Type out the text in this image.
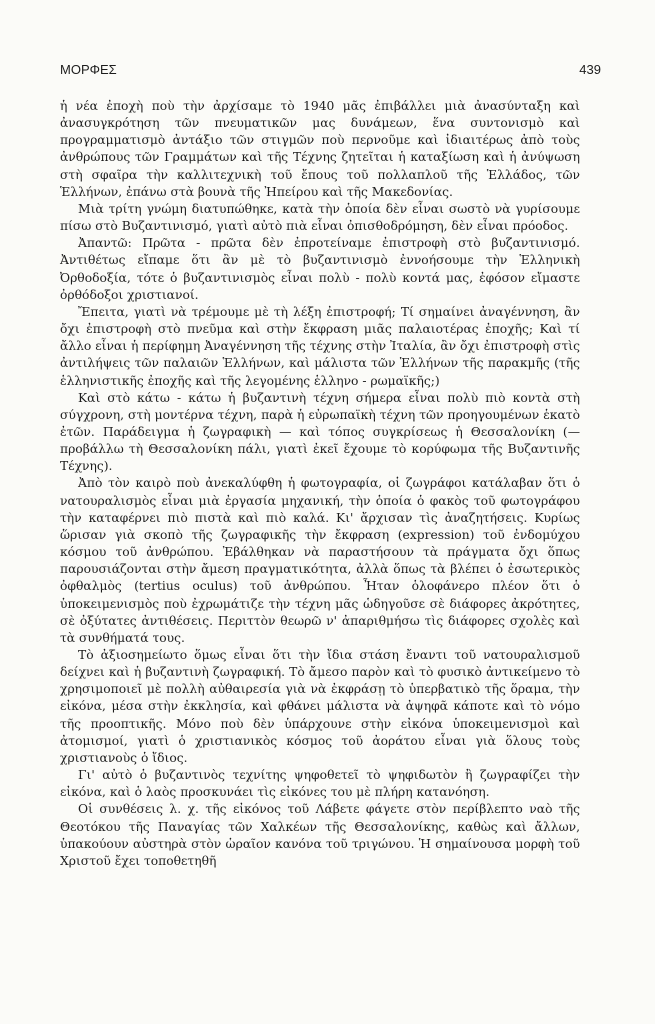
ΜΟΡΦΕΣ	439

ἡ νέα ἐποχὴ ποὺ τὴν ἀρχίσαμε τὸ 1940 μᾶς ἐπιβάλλει μιὰ ἀνασύνταξη καὶ ἀνασυγκρότηση τῶν πνευματικῶν μας δυνάμεων, ἕνα συντονισμὸ καὶ προγραμματισμὸ ἀντάξιο τῶν στιγμῶν ποὺ περνοῦμε καὶ ἰδιαιτέρως ἀπὸ τοὺς ἀνθρώπους τῶν Γραμμάτων καὶ τῆς Τέχνης ζητεῖται ἡ καταξίωση καὶ ἡ ἀνύψωση στὴ σφαῖρα τὴν καλλιτεχνικὴ τοῦ ἔπους τοῦ πολλαπλοῦ τῆς Ἑλλάδος, τῶν Ἑλλήνων, ἐπάνω στὰ βουνὰ τῆς Ἠπείρου καὶ τῆς Μακεδονίας.

Μιὰ τρίτη γνώμη διατυπώθηκε, κατὰ τὴν ὁποία δὲν εἶναι σωστὸ νὰ γυρίσουμε πίσω στὸ Βυζαντινισμό, γιατὶ αὐτὸ πιὰ εἶναι ὀπισθοδρόμηση, δὲν εἶναι πρόοδος.

Ἀπαντῶ: Πρῶτα - πρῶτα δὲν ἐπροτείναμε ἐπιστροφὴ στὸ βυζαντινισμό. Ἀντιθέτως εἴπαμε ὅτι ἂν μὲ τὸ βυζαντινισμὸ ἐννοήσουμε τὴν Ἑλληνικὴ Ὀρθοδοξία, τότε ὁ βυζαντινισμὸς εἶναι πολὺ - πολὺ κοντά μας, ἐφόσον εἴμαστε ὀρθόδοξοι χριστιανοί.

Ἔπειτα, γιατὶ νὰ τρέμουμε μὲ τὴ λέξη ἐπιστροφή; Τί σημαίνει ἀναγέννηση, ἂν ὄχι ἐπιστροφὴ στὸ πνεῦμα καὶ στὴν ἔκφραση μιᾶς παλαιοτέρας ἐποχῆς; Καὶ τί ἄλλο εἶναι ἡ περίφημη Ἀναγέννηση τῆς τέχνης στὴν Ἰταλία, ἂν ὄχι ἐπιστροφὴ στὶς ἀντιλήψεις τῶν παλαιῶν Ἑλλήνων, καὶ μάλιστα τῶν Ἑλλήνων τῆς παρακμῆς (τῆς ἑλληνιστικῆς ἐποχῆς καὶ τῆς λεγομένης ἑλληνο - ρωμαϊκῆς;)

Καὶ στὸ κάτω - κάτω ἡ βυζαντινὴ τέχνη σήμερα εἶναι πολὺ πιὸ κοντὰ στὴ σύγχρονη, στὴ μοντέρνα τέχνη, παρὰ ἡ εὐρωπαϊκὴ τέχνη τῶν προηγουμένων ἑκατὸ ἐτῶν. Παράδειγμα ἡ ζωγραφικὴ — καὶ τόπος συγκρίσεως ἡ Θεσσαλονίκη (— προβάλλω τὴ Θεσσαλονίκη πάλι, γιατὶ ἐκεῖ ἔχουμε τὸ κορύφωμα τῆς Βυζαντινῆς Τέχνης).

Ἀπὸ τὸν καιρὸ ποὺ ἀνεκαλύφθη ἡ φωτογραφία, οἱ ζωγράφοι κατάλαβαν ὅτι ὁ νατουραλισμὸς εἶναι μιὰ ἐργασία μηχανική, τὴν ὁποία ὁ φακὸς τοῦ φωτογράφου τὴν καταφέρνει πιὸ πιστὰ καὶ πιὸ καλά. Κι' ἄρχισαν τὶς ἀναζητήσεις. Κυρίως ὥρισαν γιὰ σκοπὸ τῆς ζωγραφικῆς τὴν ἔκφραση (expression) τοῦ ἐνδομύχου κόσμου τοῦ ἀνθρώπου. Ἐβάλθηκαν νὰ παραστήσουν τὰ πράγματα ὄχι ὅπως παρουσιάζονται στὴν ἄμεση πραγματικότητα, ἀλλὰ ὅπως τὰ βλέπει ὁ ἐσωτερικὸς ὀφθαλμὸς (tertius oculus) τοῦ ἀνθρώπου. Ἦταν ὁλοφάνερο πλέον ὅτι ὁ ὑποκειμενισμὸς ποὺ ἐχρωμάτιζε τὴν τέχνη μᾶς ὡδηγοῦσε σὲ διάφορες ἀκρότητες, σὲ ὀξύτατες ἀντιθέσεις. Περιττὸν θεωρῶ ν' ἀπαριθμήσω τὶς διάφορες σχολὲς καὶ τὰ συνθήματά τους.

Τὸ ἀξιοσημείωτο ὅμως εἶναι ὅτι τὴν ἴδια στάση ἔναντι τοῦ νατουραλισμοῦ δείχνει καὶ ἡ βυζαντινὴ ζωγραφική. Τὸ ἄμεσο παρὸν καὶ τὸ φυσικὸ ἀντικείμενο τὸ χρησιμοποιεῖ μὲ πολλὴ αὐθαιρεσία γιὰ νὰ ἐκφράσῃ τὸ ὑπερβατικὸ τῆς ὅραμα, τὴν εἰκόνα, μέσα στὴν ἐκκλησία, καὶ φθάνει μάλιστα νὰ ἀψηφᾶ κάποτε καὶ τὸ νόμο τῆς προοπτικῆς. Μόνο ποὺ δὲν ὑπάρχουνε στὴν εἰκόνα ὑποκειμενισμοὶ καὶ ἀτομισμοί, γιατὶ ὁ χριστιανικὸς κόσμος τοῦ ἀοράτου εἶναι γιὰ ὅλους τοὺς χριστιανοὺς ὁ ἴδιος.

Γι' αὐτὸ ὁ βυζαντινὸς τεχνίτης ψηφοθετεῖ τὸ ψηφιδωτὸν ἢ ζωγραφίζει τὴν εἰκόνα, καὶ ὁ λαὸς προσκυνάει τὶς εἰκόνες του μὲ πλήρη κατανόηση.

Οἱ συνθέσεις λ. χ. τῆς εἰκόνος τοῦ Λάβετε φάγετε στὸν περίβλεπτο ναὸ τῆς Θεοτόκου τῆς Παναγίας τῶν Χαλκέων τῆς Θεσσαλονίκης, καθὼς καὶ ἄλλων, ὑπακούουν αὐστηρὰ στὸν ὡραῖον κανόνα τοῦ τριγώνου. Ἡ σημαίνουσα μορφὴ τοῦ Χριστοῦ ἔχει τοποθετηθῆ
